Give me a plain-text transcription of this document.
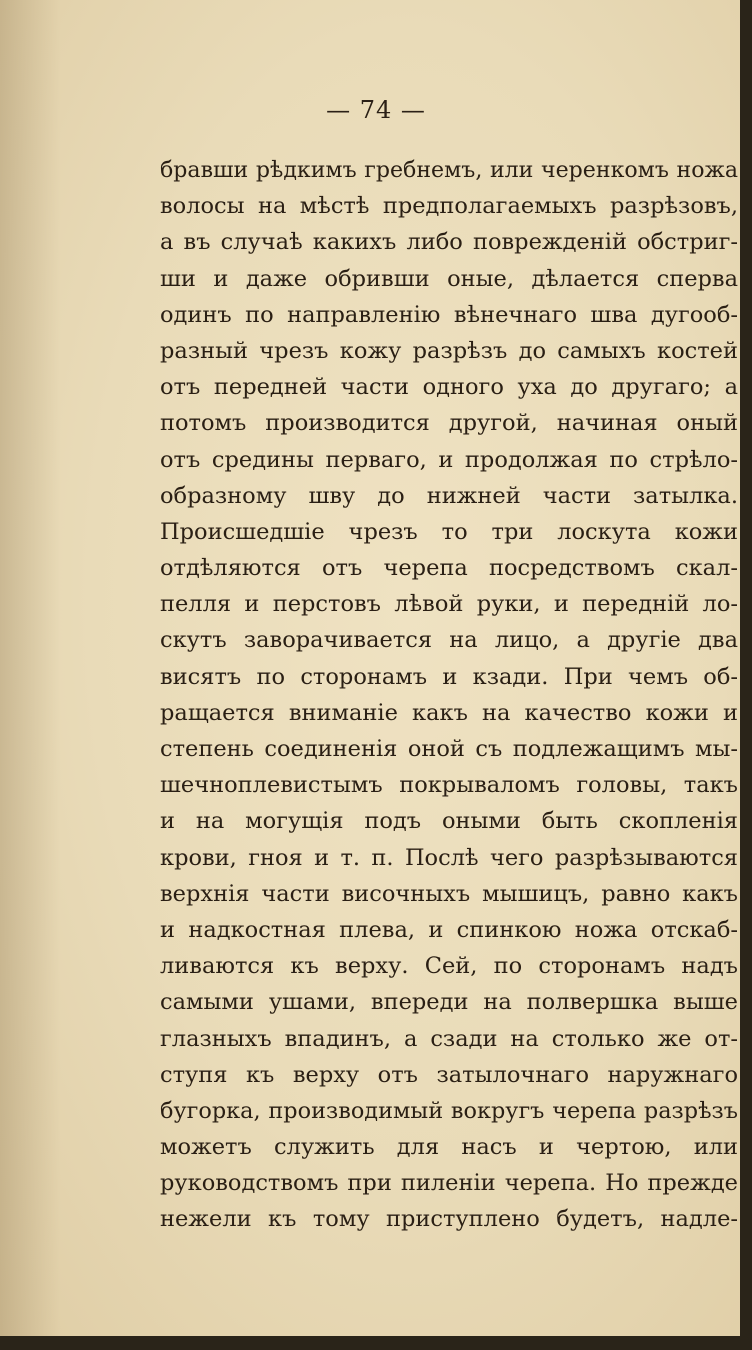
— 74 —
бравши рѣдкимъ гребнемъ, или черенкомъ ножа
волосы на мѣстѣ предполагаемыхъ разрѣзовъ,
а въ случаѣ какихъ либо поврежденій обстриг-
ши и даже обривши оные, дѣлается сперва
одинъ по направленію вѣнечнаго шва дугооб-
разный чрезъ кожу разрѣзъ до самыхъ костей
отъ передней части одного уха до другаго; а
потомъ производится другой, начиная оный
отъ средины перваго, и продолжая по стрѣло-
образному шву до нижней части затылка.
Происшедшіе чрезъ то три лоскута кожи
отдѣляются отъ черепа посредствомъ скал-
пелля и перстовъ лѣвой руки, и передній ло-
скутъ заворачивается на лицо, а другіе два
висятъ по сторонамъ и кзади. При чемъ об-
ращается вниманіе какъ на качество кожи и
степень соединенія оной съ подлежащимъ мы-
шечноплевистымъ покрываломъ головы, такъ
и на могущія подъ оными быть скопленія
крови, гноя и т. п. Послѣ чего разрѣзываются
верхнія части височныхъ мышицъ, равно какъ
и надкостная плева, и спинкою ножа отскаб-
ливаются къ верху. Сей, по сторонамъ надъ
самыми ушами, впереди на полвершка выше
глазныхъ впадинъ, а сзади на столько же от-
ступя къ верху отъ затылочнаго наружнаго
бугорка, производимый вокругъ черепа разрѣзъ
можетъ служить для насъ и чертою, или
руководствомъ при пиленіи черепа. Но прежде
нежели къ тому приступлено будетъ, надле-
